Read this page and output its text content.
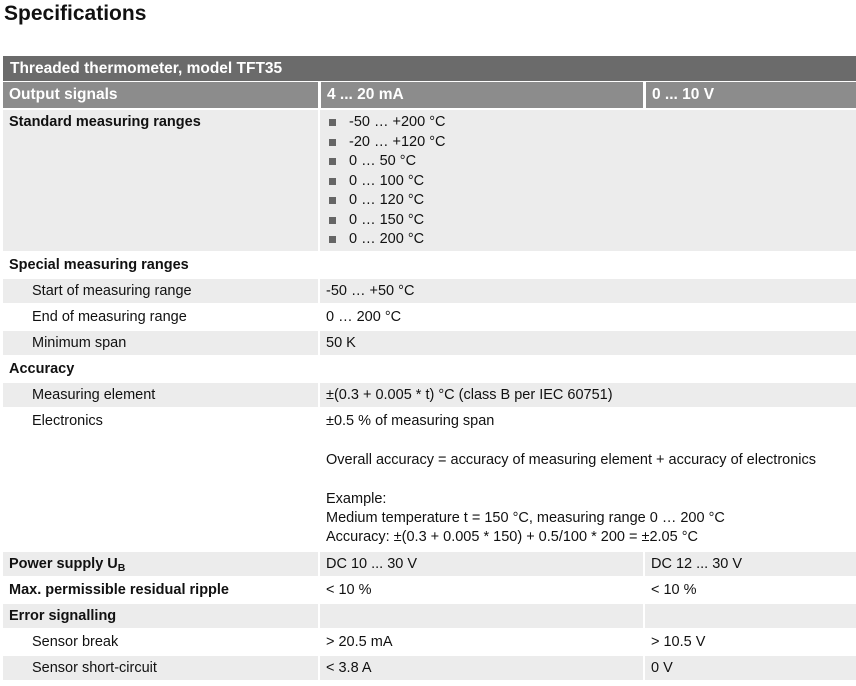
Specifications
Threaded thermometer, model TFT35
Output signals	4 ... 20 mA	0 ... 10 V
Standard measuring ranges	-50 … +200 °C
-20 … +120 °C
0 … 50 °C
0 … 100 °C
0 … 120 °C
0 … 150 °C
0 … 200 °C
Special measuring ranges
Start of measuring range	-50 … +50 °C
End of measuring range	0 … 200 °C
Minimum span	50 K
Accuracy
Measuring element	±(0.3 + 0.005 * t) °C (class B per IEC 60751)
Electronics	±0.5 % of measuring span
Overall accuracy = accuracy of measuring element + accuracy of electronics
Example:
Medium temperature t = 150 °C, measuring range 0 … 200 °C
Accuracy: ±(0.3 + 0.005 * 150) + 0.5/100 * 200 = ±2.05 °C
Power supply $U_B$	DC 10 ... 30 V	DC 12 ... 30 V
Max. permissible residual ripple	< 10 %	< 10 %
Error signalling
Sensor break	> 20.5 mA	> 10.5 V
Sensor short-circuit	< 3.8 A	0 V
